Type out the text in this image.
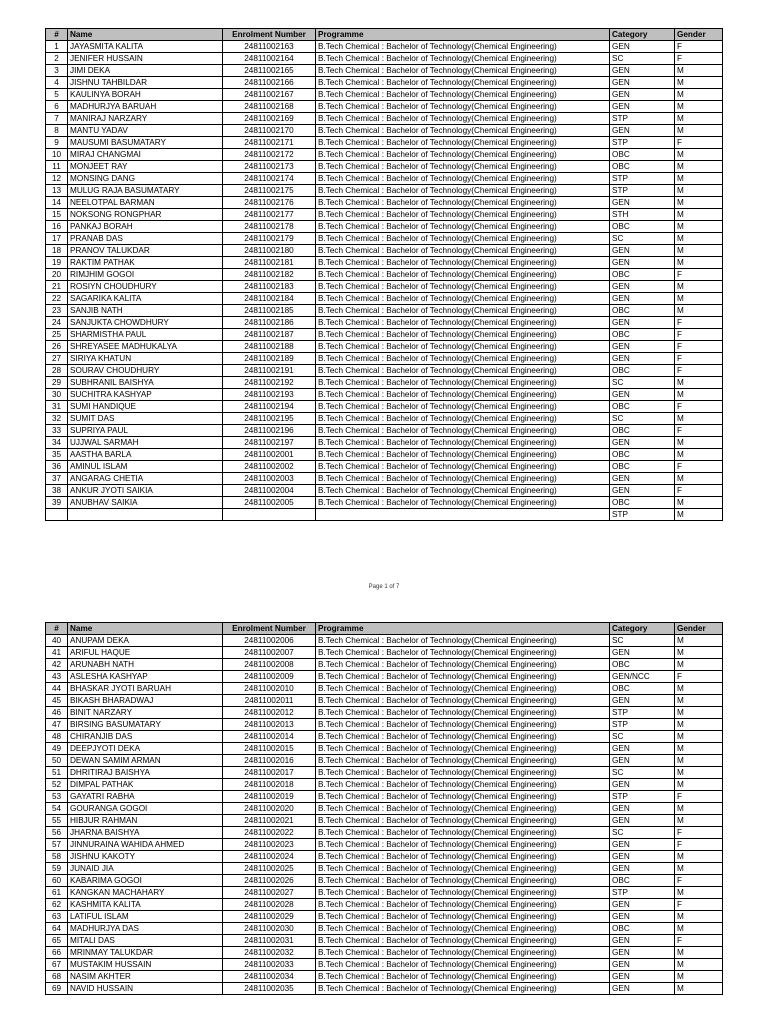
#	Name	Enrolment Number	Programme	Category	Gender
1	JAYASMITA KALITA	24811002163	B.Tech Chemical : Bachelor of Technology(Chemical Engineering)	GEN	F
2	JENIFER HUSSAIN	24811002164	B.Tech Chemical : Bachelor of Technology(Chemical Engineering)	SC	F
3	JIMI DEKA	24811002165	B.Tech Chemical : Bachelor of Technology(Chemical Engineering)	GEN	M
4	JISHNU TAHBILDAR	24811002166	B.Tech Chemical : Bachelor of Technology(Chemical Engineering)	GEN	M
5	KAULINYA BORAH	24811002167	B.Tech Chemical : Bachelor of Technology(Chemical Engineering)	GEN	M
6	MADHURJYA BARUAH	24811002168	B.Tech Chemical : Bachelor of Technology(Chemical Engineering)	GEN	M
7	MANIRAJ NARZARY	24811002169	B.Tech Chemical : Bachelor of Technology(Chemical Engineering)	STP	M
8	MANTU YADAV	24811002170	B.Tech Chemical : Bachelor of Technology(Chemical Engineering)	GEN	M
9	MAUSUMI BASUMATARY	24811002171	B.Tech Chemical : Bachelor of Technology(Chemical Engineering)	STP	F
10	MIRAJ CHANGMAI	24811002172	B.Tech Chemical : Bachelor of Technology(Chemical Engineering)	OBC	M
11	MONJEET RAY	24811002173	B.Tech Chemical : Bachelor of Technology(Chemical Engineering)	OBC	M
12	MONSING DANG	24811002174	B.Tech Chemical : Bachelor of Technology(Chemical Engineering)	STP	M
13	MULUG RAJA BASUMATARY	24811002175	B.Tech Chemical : Bachelor of Technology(Chemical Engineering)	STP	M
14	NEELOTPAL BARMAN	24811002176	B.Tech Chemical : Bachelor of Technology(Chemical Engineering)	GEN	M
15	NOKSONG RONGPHAR	24811002177	B.Tech Chemical : Bachelor of Technology(Chemical Engineering)	STH	M
16	PANKAJ BORAH	24811002178	B.Tech Chemical : Bachelor of Technology(Chemical Engineering)	OBC	M
17	PRANAB DAS	24811002179	B.Tech Chemical : Bachelor of Technology(Chemical Engineering)	SC	M
18	PRANOV TALUKDAR	24811002180	B.Tech Chemical : Bachelor of Technology(Chemical Engineering)	GEN	M
19	RAKTIM PATHAK	24811002181	B.Tech Chemical : Bachelor of Technology(Chemical Engineering)	GEN	M
20	RIMJHIM GOGOI	24811002182	B.Tech Chemical : Bachelor of Technology(Chemical Engineering)	OBC	F
21	ROSIYN CHOUDHURY	24811002183	B.Tech Chemical : Bachelor of Technology(Chemical Engineering)	GEN	M
22	SAGARIKA KALITA	24811002184	B.Tech Chemical : Bachelor of Technology(Chemical Engineering)	GEN	M
23	SANJIB NATH	24811002185	B.Tech Chemical : Bachelor of Technology(Chemical Engineering)	OBC	M
24	SANJUKTA CHOWDHURY	24811002186	B.Tech Chemical : Bachelor of Technology(Chemical Engineering)	GEN	F
25	SHARMISTHA PAUL	24811002187	B.Tech Chemical : Bachelor of Technology(Chemical Engineering)	OBC	F
26	SHREYASEE MADHUKALYA	24811002188	B.Tech Chemical : Bachelor of Technology(Chemical Engineering)	GEN	F
27	SIRIYA KHATUN	24811002189	B.Tech Chemical : Bachelor of Technology(Chemical Engineering)	GEN	F
28	SOURAV CHOUDHURY	24811002191	B.Tech Chemical : Bachelor of Technology(Chemical Engineering)	OBC	F
29	SUBHRANIL BAISHYA	24811002192	B.Tech Chemical : Bachelor of Technology(Chemical Engineering)	SC	M
30	SUCHITRA KASHYAP	24811002193	B.Tech Chemical : Bachelor of Technology(Chemical Engineering)	GEN	M
31	SUMI HANDIQUE	24811002194	B.Tech Chemical : Bachelor of Technology(Chemical Engineering)	OBC	F
32	SUMIT DAS	24811002195	B.Tech Chemical : Bachelor of Technology(Chemical Engineering)	SC	M
33	SUPRIYA PAUL	24811002196	B.Tech Chemical : Bachelor of Technology(Chemical Engineering)	OBC	F
34	UJJWAL SARMAH	24811002197	B.Tech Chemical : Bachelor of Technology(Chemical Engineering)	GEN	M
35	AASTHA BARLA	24811002001	B.Tech Chemical : Bachelor of Technology(Chemical Engineering)	OBC	M
36	AMINUL ISLAM	24811002002	B.Tech Chemical : Bachelor of Technology(Chemical Engineering)	OBC	F
37	ANGARAG CHETIA	24811002003	B.Tech Chemical : Bachelor of Technology(Chemical Engineering)	GEN	M
38	ANKUR JYOTI SAIKIA	24811002004	B.Tech Chemical : Bachelor of Technology(Chemical Engineering)	GEN	F
39	ANUBHAV SAIKIA	24811002005	B.Tech Chemical : Bachelor of Technology(Chemical Engineering)	OBC	M
				STP	M
Page 1 of 7
#	Name	Enrolment Number	Programme	Category	Gender
40	ANUPAM DEKA	24811002006	B.Tech Chemical : Bachelor of Technology(Chemical Engineering)	SC	M
41	ARIFUL HAQUE	24811002007	B.Tech Chemical : Bachelor of Technology(Chemical Engineering)	GEN	M
42	ARUNABH NATH	24811002008	B.Tech Chemical : Bachelor of Technology(Chemical Engineering)	OBC	M
43	ASLESHA KASHYAP	24811002009	B.Tech Chemical : Bachelor of Technology(Chemical Engineering)	GEN/NCC	F
44	BHASKAR JYOTI BARUAH	24811002010	B.Tech Chemical : Bachelor of Technology(Chemical Engineering)	OBC	M
45	BIKASH BHARADWAJ	24811002011	B.Tech Chemical : Bachelor of Technology(Chemical Engineering)	GEN	M
46	BINIT NARZARY	24811002012	B.Tech Chemical : Bachelor of Technology(Chemical Engineering)	STP	M
47	BIRSING BASUMATARY	24811002013	B.Tech Chemical : Bachelor of Technology(Chemical Engineering)	STP	M
48	CHIRANJIB DAS	24811002014	B.Tech Chemical : Bachelor of Technology(Chemical Engineering)	SC	M
49	DEEPJYOTI DEKA	24811002015	B.Tech Chemical : Bachelor of Technology(Chemical Engineering)	GEN	M
50	DEWAN SAMIM ARMAN	24811002016	B.Tech Chemical : Bachelor of Technology(Chemical Engineering)	GEN	M
51	DHRITIRAJ BAISHYA	24811002017	B.Tech Chemical : Bachelor of Technology(Chemical Engineering)	SC	M
52	DIMPAL PATHAK	24811002018	B.Tech Chemical : Bachelor of Technology(Chemical Engineering)	GEN	M
53	GAYATRI RABHA	24811002019	B.Tech Chemical : Bachelor of Technology(Chemical Engineering)	STP	F
54	GOURANGA GOGOI	24811002020	B.Tech Chemical : Bachelor of Technology(Chemical Engineering)	GEN	M
55	HIBJUR RAHMAN	24811002021	B.Tech Chemical : Bachelor of Technology(Chemical Engineering)	GEN	M
56	JHARNA BAISHYA	24811002022	B.Tech Chemical : Bachelor of Technology(Chemical Engineering)	SC	F
57	JINNURAINA WAHIDA AHMED	24811002023	B.Tech Chemical : Bachelor of Technology(Chemical Engineering)	GEN	F
58	JISHNU KAKOTY	24811002024	B.Tech Chemical : Bachelor of Technology(Chemical Engineering)	GEN	M
59	JUNAID JIA	24811002025	B.Tech Chemical : Bachelor of Technology(Chemical Engineering)	GEN	M
60	KABARIMA GOGOI	24811002026	B.Tech Chemical : Bachelor of Technology(Chemical Engineering)	OBC	F
61	KANGKAN MACHAHARY	24811002027	B.Tech Chemical : Bachelor of Technology(Chemical Engineering)	STP	M
62	KASHMITA KALITA	24811002028	B.Tech Chemical : Bachelor of Technology(Chemical Engineering)	GEN	F
63	LATIFUL ISLAM	24811002029	B.Tech Chemical : Bachelor of Technology(Chemical Engineering)	GEN	M
64	MADHURJYA DAS	24811002030	B.Tech Chemical : Bachelor of Technology(Chemical Engineering)	OBC	M
65	MITALI DAS	24811002031	B.Tech Chemical : Bachelor of Technology(Chemical Engineering)	GEN	F
66	MRINMAY TALUKDAR	24811002032	B.Tech Chemical : Bachelor of Technology(Chemical Engineering)	GEN	M
67	MUSTAKIM HUSSAIN	24811002033	B.Tech Chemical : Bachelor of Technology(Chemical Engineering)	GEN	M
68	NASIM AKHTER	24811002034	B.Tech Chemical : Bachelor of Technology(Chemical Engineering)	GEN	M
69	NAVID HUSSAIN	24811002035	B.Tech Chemical : Bachelor of Technology(Chemical Engineering)	GEN	M
